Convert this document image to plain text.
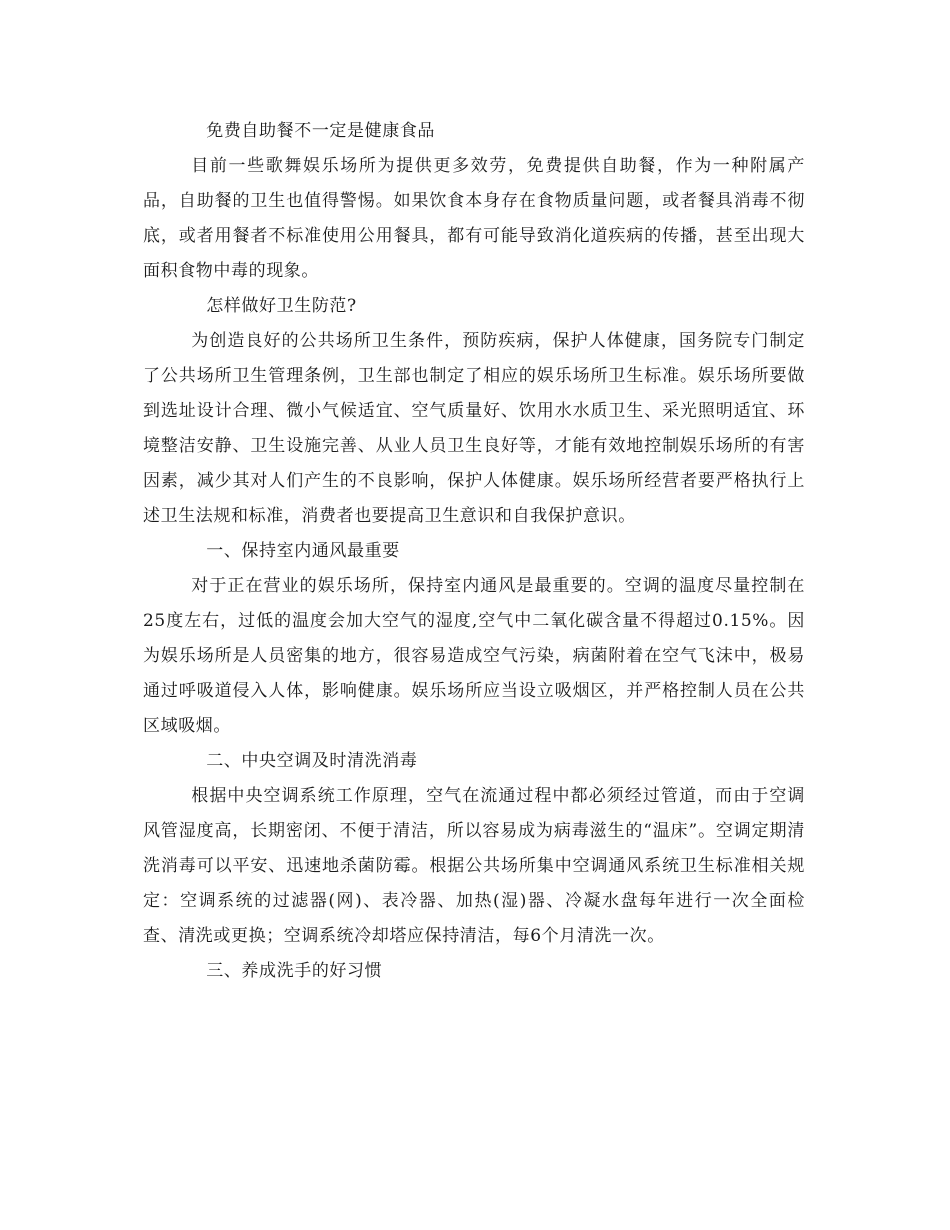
免费自助餐不一定是健康食品

目前一些歌舞娱乐场所为提供更多效劳，免费提供自助餐，作为一种附属产品，自助餐的卫生也值得警惕。如果饮食本身存在食物质量问题，或者餐具消毒不彻底，或者用餐者不标准使用公用餐具，都有可能导致消化道疾病的传播，甚至出现大面积食物中毒的现象。

怎样做好卫生防范?

为创造良好的公共场所卫生条件，预防疾病，保护人体健康，国务院专门制定了公共场所卫生管理条例，卫生部也制定了相应的娱乐场所卫生标准。娱乐场所要做到选址设计合理、微小气候适宜、空气质量好、饮用水水质卫生、采光照明适宜、环境整洁安静、卫生设施完善、从业人员卫生良好等，才能有效地控制娱乐场所的有害因素，减少其对人们产生的不良影响，保护人体健康。娱乐场所经营者要严格执行上述卫生法规和标准，消费者也要提高卫生意识和自我保护意识。

一、保持室内通风最重要

对于正在营业的娱乐场所，保持室内通风是最重要的。空调的温度尽量控制在25度左右，过低的温度会加大空气的湿度,空气中二氧化碳含量不得超过0.15%。因为娱乐场所是人员密集的地方，很容易造成空气污染，病菌附着在空气飞沫中，极易通过呼吸道侵入人体，影响健康。娱乐场所应当设立吸烟区，并严格控制人员在公共区域吸烟。

二、中央空调及时清洗消毒

根据中央空调系统工作原理，空气在流通过程中都必须经过管道，而由于空调风管湿度高，长期密闭、不便于清洁，所以容易成为病毒滋生的“温床”。空调定期清洗消毒可以平安、迅速地杀菌防霉。根据公共场所集中空调通风系统卫生标准相关规定：空调系统的过滤器(网)、表冷器、加热(湿)器、冷凝水盘每年进行一次全面检查、清洗或更换；空调系统冷却塔应保持清洁，每6个月清洗一次。

三、养成洗手的好习惯
